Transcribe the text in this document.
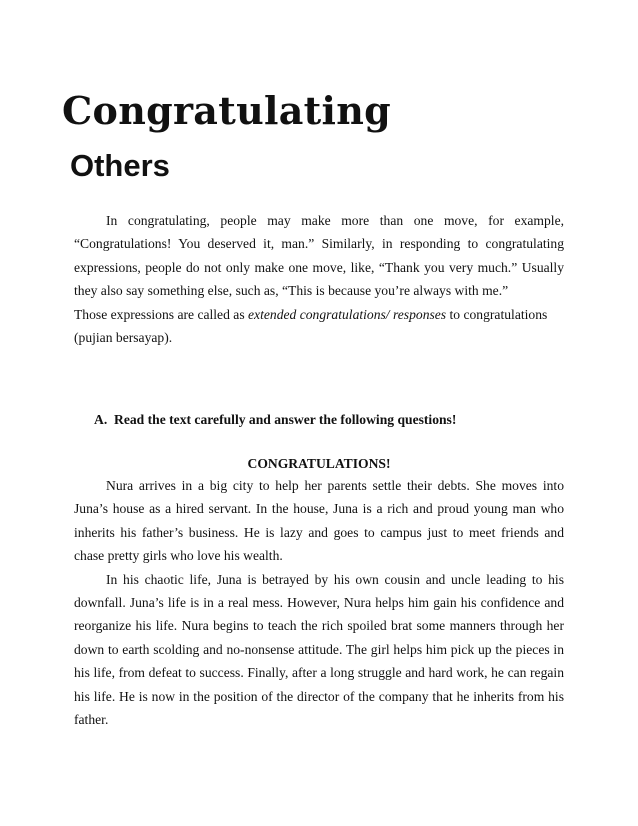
Congratulating
Others

In congratulating, people may make more than one move, for example, “Congratulations! You deserved it, man.” Similarly, in responding to congratulating expressions, people do not only make one move, like, “Thank you very much.” Usually they also say something else, such as, “This is because you’re always with me.”

Those expressions are called as extended congratulations/ responses to congratulations (pujian bersayap).

A. Read the text carefully and answer the following questions!
CONGRATULATIONS!

Nura arrives in a big city to help her parents settle their debts. She moves into Juna’s house as a hired servant. In the house, Juna is a rich and proud young man who inherits his father’s business. He is lazy and goes to campus just to meet friends and chase pretty girls who love his wealth.

In his chaotic life, Juna is betrayed by his own cousin and uncle leading to his downfall. Juna’s life is in a real mess. However, Nura helps him gain his confidence and reorganize his life. Nura begins to teach the rich spoiled brat some manners through her down to earth scolding and no-nonsense attitude. The girl helps him pick up the pieces in his life, from defeat to success. Finally, after a long struggle and hard work, he can regain his life. He is now in the position of the director of the company that he inherits from his father.
